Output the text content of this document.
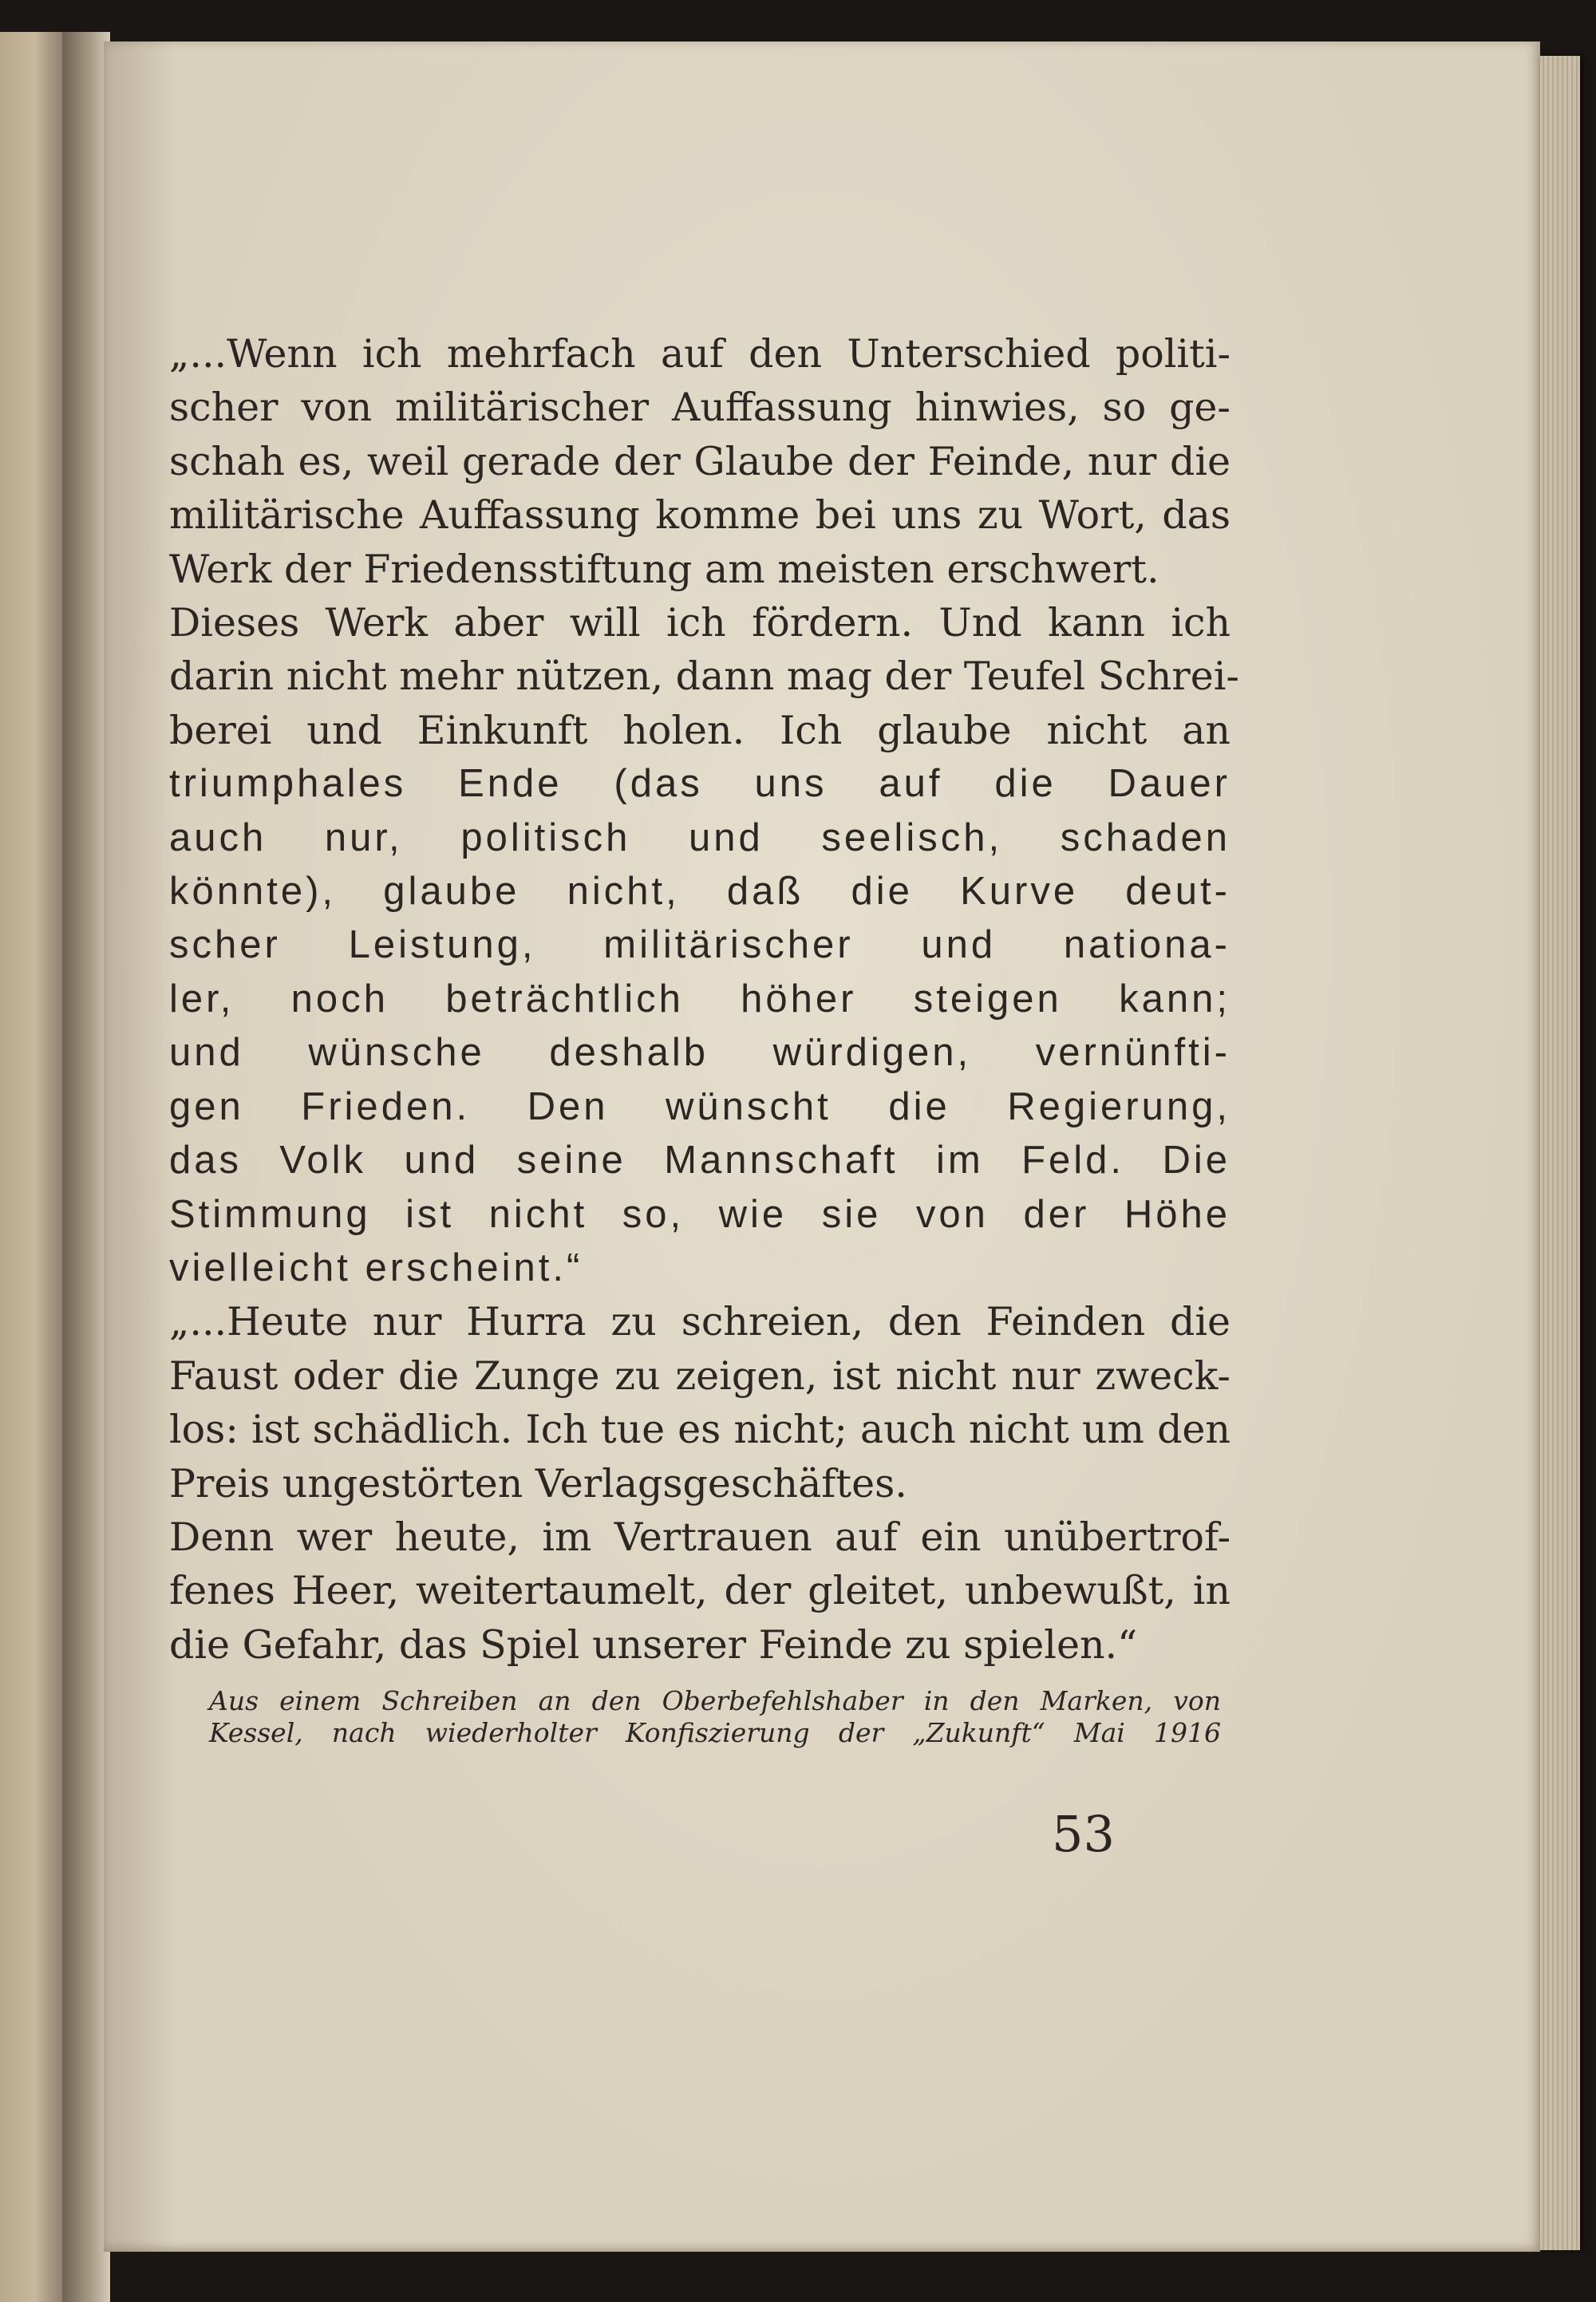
„...Wenn ich mehrfach auf den Unterschied politi-
scher von militärischer Auffassung hinwies, so ge-
schah es, weil gerade der Glaube der Feinde, nur die
militärische Auffassung komme bei uns zu Wort, das
Werk der Friedensstiftung am meisten erschwert.
Dieses Werk aber will ich fördern. Und kann ich
darin nicht mehr nützen, dann mag der Teufel Schrei-
berei und Einkunft holen. Ich glaube nicht an
triumphales Ende (das uns auf die Dauer
auch nur, politisch und seelisch, schaden
könnte), glaube nicht, daß die Kurve deut-
scher Leistung, militärischer und nationa-
ler, noch beträchtlich höher steigen kann;
und wünsche deshalb würdigen, vernünfti-
gen Frieden. Den wünscht die Regierung,
das Volk und seine Mannschaft im Feld. Die
Stimmung ist nicht so, wie sie von der Höhe
vielleicht erscheint.“
„...Heute nur Hurra zu schreien, den Feinden die
Faust oder die Zunge zu zeigen, ist nicht nur zweck-
los: ist schädlich. Ich tue es nicht; auch nicht um den
Preis ungestörten Verlagsgeschäftes.
Denn wer heute, im Vertrauen auf ein unübertrof-
fenes Heer, weitertaumelt, der gleitet, unbewußt, in
die Gefahr, das Spiel unserer Feinde zu spielen.“
Aus einem Schreiben an den Oberbefehlshaber in den Marken, von
Kessel, nach wiederholter Konfiszierung der „Zukunft“ Mai 1916
53
